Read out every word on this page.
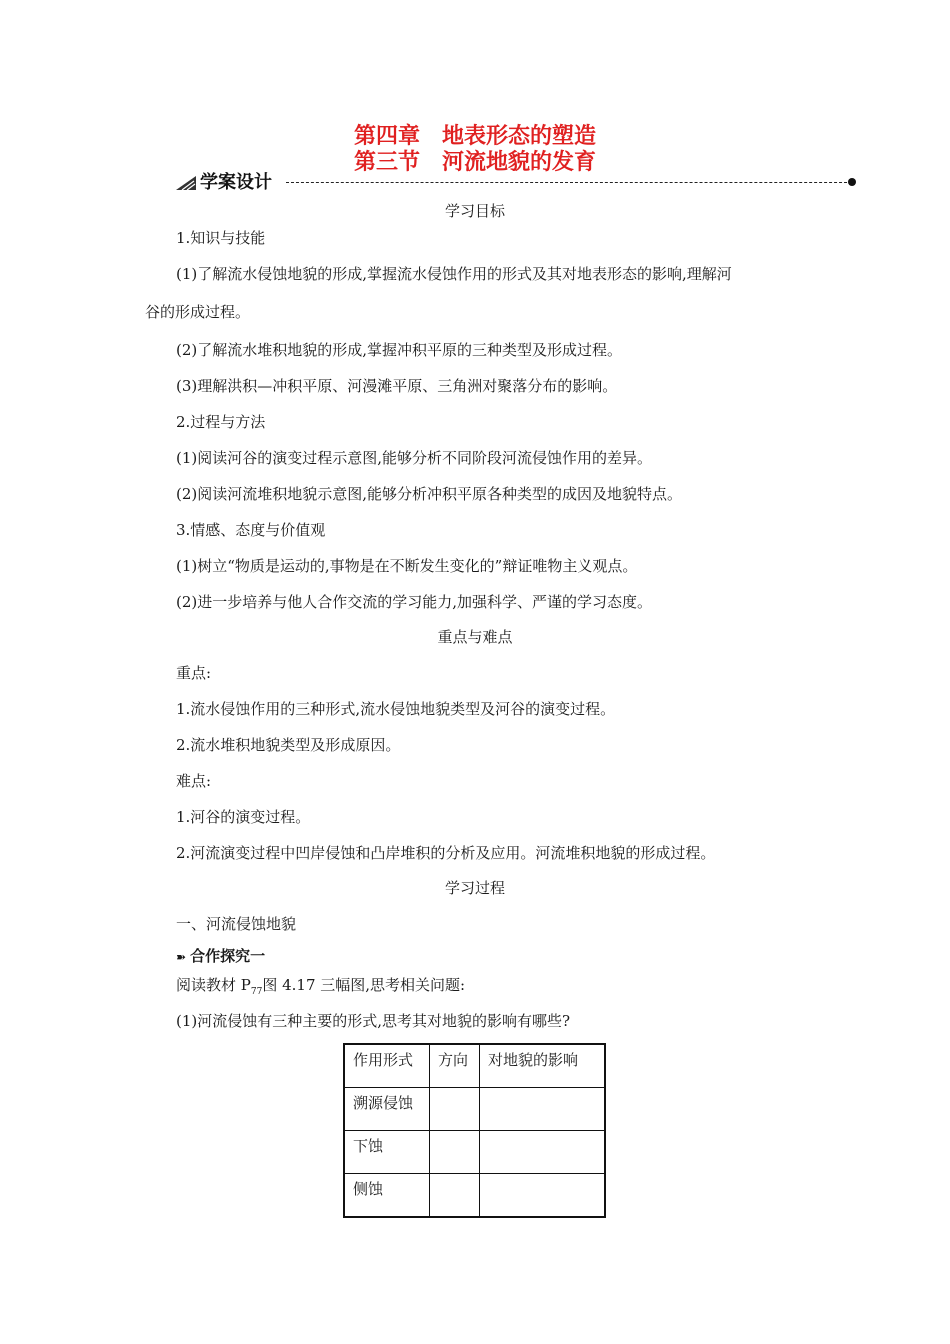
第四章　地表形态的塑造
第三节　河流地貌的发育
学案设计
学习目标
1.知识与技能
(1)了解流水侵蚀地貌的形成,掌握流水侵蚀作用的形式及其对地表形态的影响,理解河
谷的形成过程。
(2)了解流水堆积地貌的形成,掌握冲积平原的三种类型及形成过程。
(3)理解洪积—冲积平原、河漫滩平原、三角洲对聚落分布的影响。
2.过程与方法
(1)阅读河谷的演变过程示意图,能够分析不同阶段河流侵蚀作用的差异。
(2)阅读河流堆积地貌示意图,能够分析冲积平原各种类型的成因及地貌特点。
3.情感、态度与价值观
(1)树立“物质是运动的,事物是在不断发生变化的”辩证唯物主义观点。
(2)进一步培养与他人合作交流的学习能力,加强科学、严谨的学习态度。
重点与难点
重点:
1.流水侵蚀作用的三种形式,流水侵蚀地貌类型及河谷的演变过程。
2.流水堆积地貌类型及形成原因。
难点:
1.河谷的演变过程。
2.河流演变过程中凹岸侵蚀和凸岸堆积的分析及应用。河流堆积地貌的形成过程。
学习过程
一、河流侵蚀地貌
➽ 合作探究一
阅读教材 $P_{77}$图 4.17 三幅图,思考相关问题:
(1)河流侵蚀有三种主要的形式,思考其对地貌的影响有哪些?
作用形式	方向	对地貌的影响
溯源侵蚀		
下蚀		
侧蚀		
